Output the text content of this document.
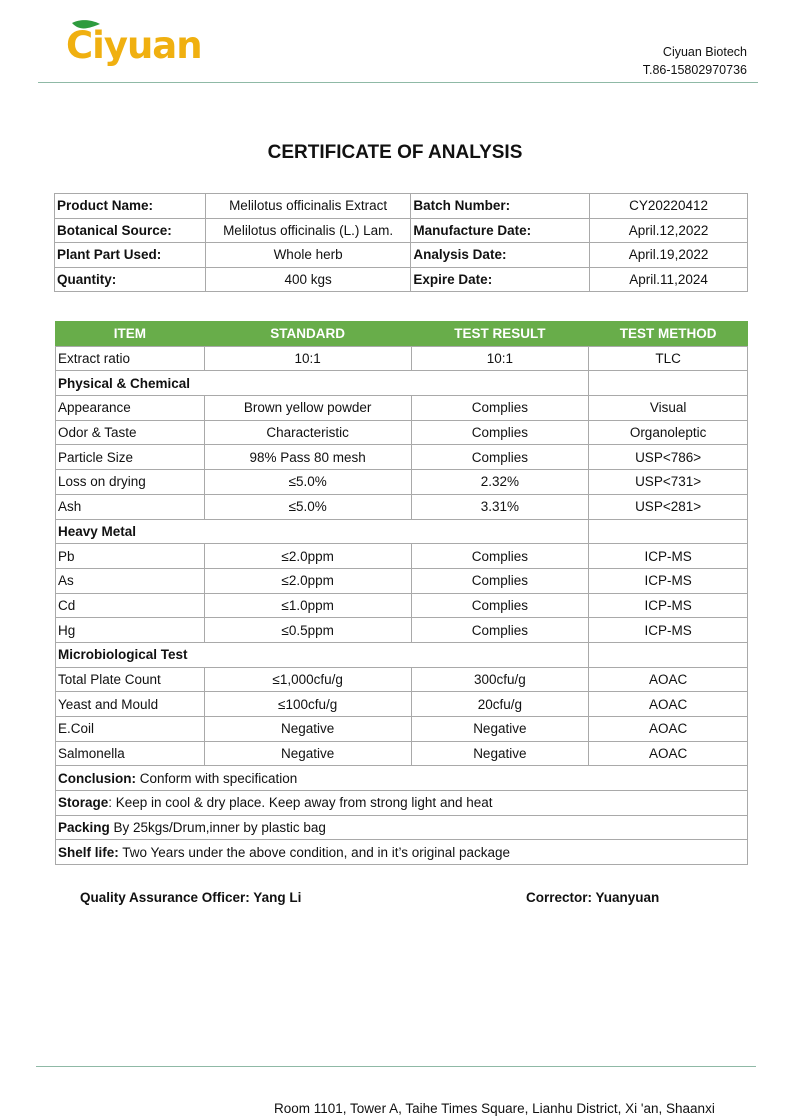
Ciyuan	Ciyuan Biotech
T.86-15802970736
CERTIFICATE OF ANALYSIS
Product Name:	Melilotus officinalis Extract	Batch Number:	CY20220412
Botanical Source:	Melilotus officinalis (L.) Lam.	Manufacture Date:	April.12,2022
Plant Part Used:	Whole herb	Analysis Date:	April.19,2022
Quantity:	400 kgs	Expire Date:	April.11,2024
ITEM	STANDARD	TEST RESULT	TEST METHOD
Extract ratio	10:1	10:1	TLC
Physical & Chemical			
Appearance	Brown yellow powder	Complies	Visual
Odor & Taste	Characteristic	Complies	Organoleptic
Particle Size	98% Pass 80 mesh	Complies	USP<786>
Loss on drying	≤5.0%	2.32%	USP<731>
Ash	≤5.0%	3.31%	USP<281>
Heavy Metal			
Pb	≤2.0ppm	Complies	ICP-MS
As	≤2.0ppm	Complies	ICP-MS
Cd	≤1.0ppm	Complies	ICP-MS
Hg	≤0.5ppm	Complies	ICP-MS
Microbiological Test			
Total Plate Count	≤1,000cfu/g	300cfu/g	AOAC
Yeast and Mould	≤100cfu/g	20cfu/g	AOAC
E.Coil	Negative	Negative	AOAC
Salmonella	Negative	Negative	AOAC
Conclusion: Conform with specification			
Storage: Keep in cool & dry place. Keep away from strong light and heat			
Packing By 25kgs/Drum,inner by plastic bag			
Shelf life: Two Years under the above condition, and in it’s original package			
Quality Assurance Officer: Yang Li	Corrector: Yuanyuan
Room 1101, Tower A, Taihe Times Square, Lianhu District, Xi 'an, Shaanxi
